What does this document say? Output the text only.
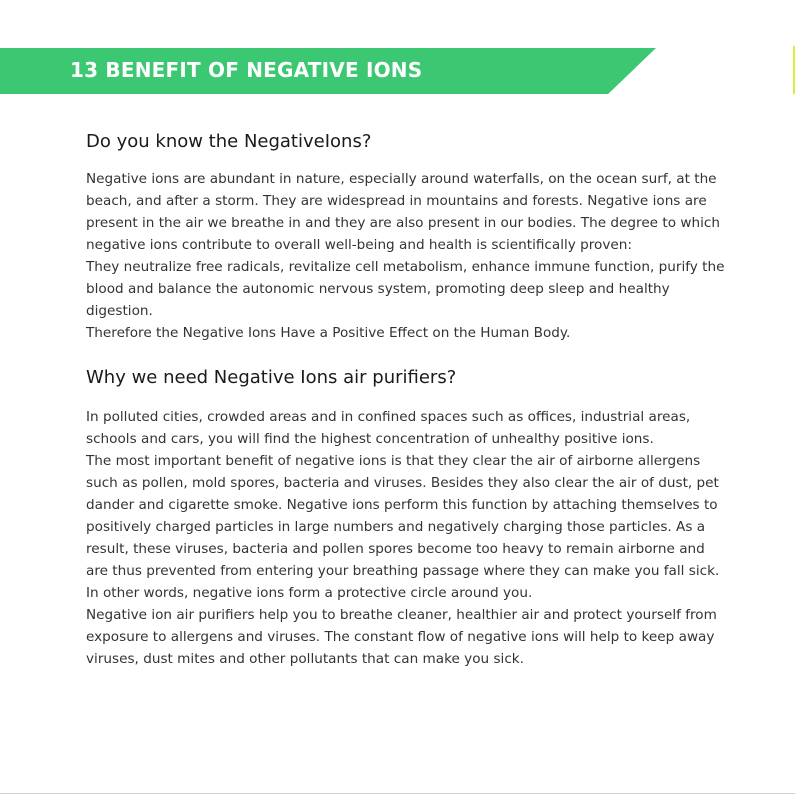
13 BENEFIT OF NEGATIVE IONS
Do you know the NegativeIons?

Negative ions are abundant in nature, especially around waterfalls, on the ocean surf, at the beach, and after a storm. They are widespread in mountains and forests. Negative ions are present in the air we breathe in and they are also present in our bodies. The degree to which negative ions contribute to overall well-being and health is scientifically proven:

They neutralize free radicals, revitalize cell metabolism, enhance immune function, purify the blood and balance the autonomic nervous system, promoting deep sleep and healthy digestion.

Therefore the Negative Ions Have a Positive Effect on the Human Body.

Why we need Negative Ions air purifiers?

In polluted cities, crowded areas and in confined spaces such as offices, industrial areas, schools and cars, you will find the highest concentration of unhealthy positive ions.

The most important benefit of negative ions is that they clear the air of airborne allergens such as pollen, mold spores, bacteria and viruses. Besides they also clear the air of dust, pet dander and cigarette smoke. Negative ions perform this function by attaching themselves to positively charged particles in large numbers and negatively charging those particles. As a result, these viruses, bacteria and pollen spores become too heavy to remain airborne and are thus prevented from entering your breathing passage where they can make you fall sick. In other words, negative ions form a protective circle around you.

Negative ion air purifiers help you to breathe cleaner, healthier air and protect yourself from exposure to allergens and viruses. The constant flow of negative ions will help to keep away viruses, dust mites and other pollutants that can make you sick.
